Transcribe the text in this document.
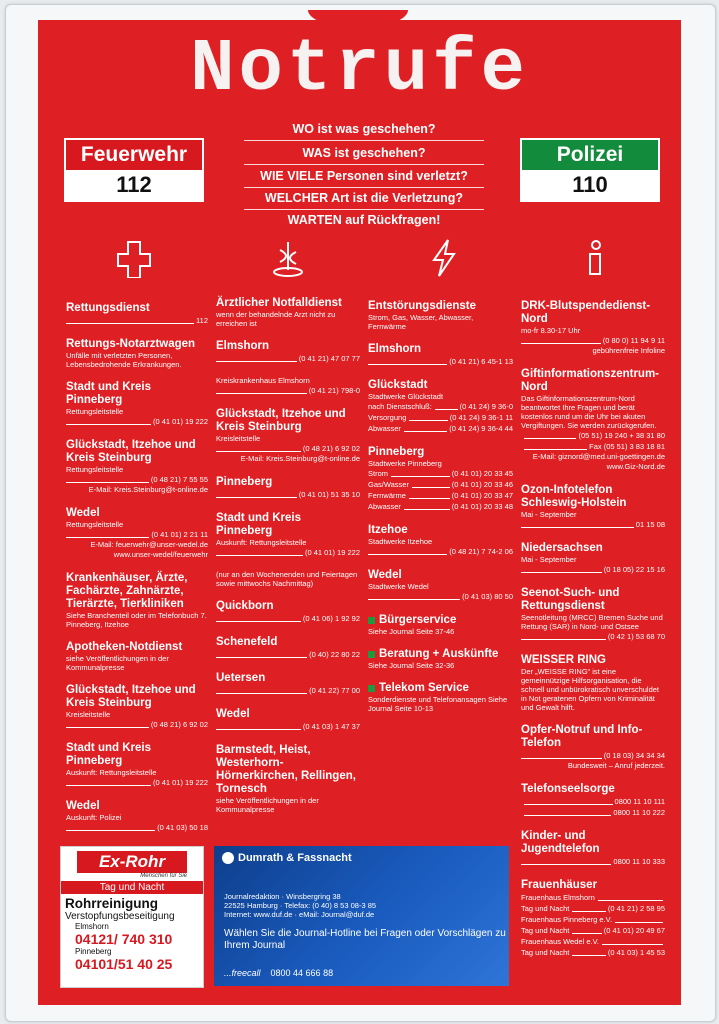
Notrufe
Feuerwehr
112
Polizei
110
WO ist was geschehen?
WAS ist geschehen?
WIE VIELE Personen sind verletzt?
WELCHER Art ist die Verletzung?
WARTEN auf Rückfragen!
Rettungsdienst
112
Rettungs-Notarztwagen
Unfälle mit verletzten Personen, Lebensbedrohende Erkrankungen.
Stadt und Kreis Pinneberg
Rettungsleitstelle
(0 41 01) 19 222
Glückstadt, Itzehoe und Kreis Steinburg
Rettungsleitstelle
(0 48 21) 7 55 55
E-Mail: Kreis.Steinburg@t-online.de
Wedel
Rettungsleitstelle
(0 41 01) 2 21 11
E-Mail: feuerwehr@unser-wedel.de www.unser-wedel/feuerwehr
Krankenhäuser, Ärzte, Fachärzte, Zahnärzte, Tierärzte, Tierkliniken
Siehe Branchenteil oder im Telefonbuch 7. Pinneberg, Itzehoe
Apotheken-Notdienst
siehe Veröffentlichungen in der Kommunalpresse
Glückstadt, Itzehoe und Kreis Steinburg
Kreisleitstelle
(0 48 21) 6 92 02
Stadt und Kreis Pinneberg
Auskunft: Rettungsleitstelle
(0 41 01) 19 222
Wedel
Auskunft: Polizei
(0 41 03) 50 18
Ärztlicher Notfalldienst
wenn der behandelnde Arzt nicht zu erreichen ist
Elmshorn
(0 41 21) 47 07 77
Kreiskrankenhaus Elmshorn
(0 41 21) 798-0
Glückstadt, Itzehoe und Kreis Steinburg
Kreisleitstelle
(0 48 21) 6 92 02
E-Mail: Kreis.Steinburg@t-online.de
Pinneberg
(0 41 01) 51 35 10
Stadt und Kreis Pinneberg
Auskunft: Rettungsleitstelle
(0 41 01) 19 222
(nur an den Wochenenden und Feiertagen sowie mittwochs Nachmittag)
Quickborn
(0 41 06) 1 92 92
Schenefeld
(0 40) 22 80 22
Uetersen
(0 41 22) 77 00
Wedel
(0 41 03) 1 47 37
Barmstedt, Heist, Westerhorn-Hörnerkirchen, Rellingen, Tornesch
siehe Veröffentlichungen in der Kommunalpresse
Entstörungsdienste
Strom, Gas, Wasser, Abwasser, Fernwärme
Elmshorn
(0 41 21) 6 45-1 13
Glückstadt
Stadtwerke Glückstadt
nach Dienstschluß:	(0 41 24) 9 36-0
Versorgung	(0 41 24) 9 36-1 11
Abwasser	(0 41 24) 9 36-4 44
Pinneberg
Stadtwerke Pinneberg
Strom	(0 41 01) 20 33 45
Gas/Wasser	(0 41 01) 20 33 46
Fernwärme	(0 41 01) 20 33 47
Abwasser	(0 41 01) 20 33 48
Itzehoe
Stadtwerke Itzehoe
(0 48 21) 7 74-2 06
Wedel
Stadtwerke Wedel
(0 41 03) 80 50
Bürgerservice
Siehe Journal Seite 37-46
Beratung + Auskünfte
Siehe Journal Seite 32-36
Telekom Service
Sonderdienste und Telefonansagen Siehe Journal Seite 10-13
DRK-Blutspendedienst-Nord
mo-fr 8.30-17 Uhr
(0 80 0) 11 94 9 11
gebührenfreie Infoline
Giftinformationszentrum-Nord
Das Giftinformationszentrum-Nord beantwortet Ihre Fragen und berät kostenlos rund um die Uhr bei akuten Vergiftungen. Sie werden zurückgerufen.
(05 51) 19 240 + 38 31 80
Fax (05 51) 3 83 18 81
E-Mail: giznord@med.uni-goettingen.de www.Giz-Nord.de
Ozon-Infotelefon Schleswig-Holstein
Mai - September
01 15 08
Niedersachsen
Mai - September
(0 18 05) 22 15 16
Seenot-Such- und Rettungsdienst
Seenotleitung (MRCC) Bremen Suche und Rettung (SAR) in Nord- und Ostsee
(0 42 1) 53 68 70
WEISSER RING
Der „WEISSE RING“ ist eine gemeinnützige Hilfsorganisation, die schnell und unbürokratisch unverschuldet in Not geratenen Opfern von Kriminalität und Gewalt hilft.
Opfer-Notruf und Info-Telefon
(0 18 03) 34 34 34
Bundesweit – Anruf jederzeit.
Telefonseelsorge
0800 11 10 111
0800 11 10 222
Kinder- und Jugendtelefon
0800 11 10 333
Frauenhäuser
Frauenhaus Elmshorn
Tag und Nacht	(0 41 21) 2 58 95
Frauenhaus Pinneberg e.V.
Tag und Nacht	(0 41 01) 20 49 67
Frauenhaus Wedel e.V.
Tag und Nacht	(0 41 03) 1 45 53
Ex-Rohr
Menschen für Sie
Tag und Nacht
Rohrreinigung
Verstopfungsbeseitigung
Elmshorn
04121/ 740 310
Pinneberg
04101/51 40 25
Dumrath & Fassnacht
Journalredaktion · Winsbergring 38
22525 Hamburg · Telefax: (0 40) 8 53 08-3 85
Internet: www.duf.de · eMail: Journal@duf.de
Wählen Sie die Journal-Hotline bei Fragen oder Vorschlägen zu Ihrem Journal
...freecall 0800 44 666 88
